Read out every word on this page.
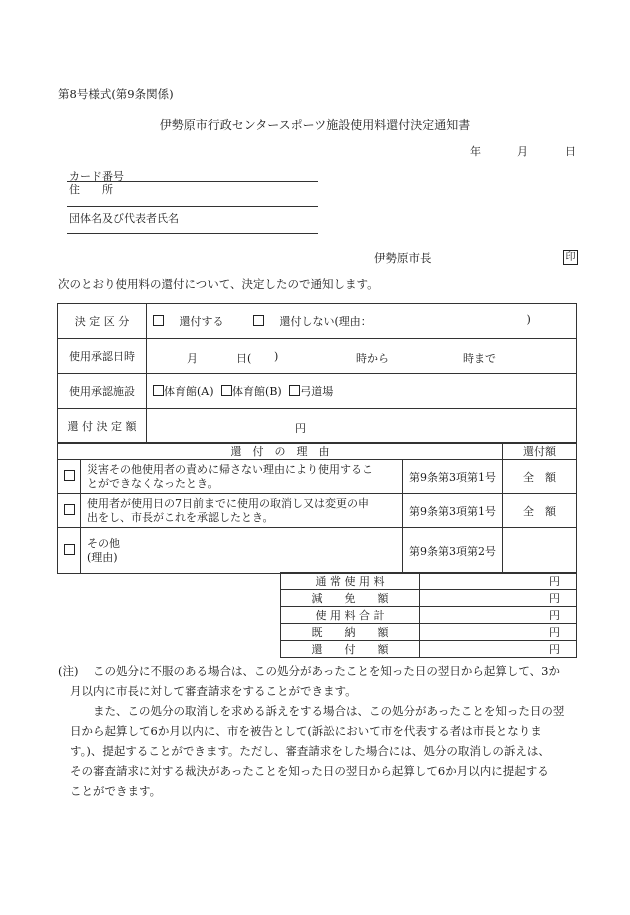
第8号様式(第9条関係)
伊勢原市行政センタースポーツ施設使用料還付決定通知書
年	月	日
カード番号
住　　所
団体名及び代表者氏名
伊勢原市長	印
次のとおり使用料の還付について、決定したので通知します。
決 定 区 分	還付する 還付しない(理由： )

使用承認日時	月 日( ) 時から 時まで

使用承認施設	体育館(A) 体育館(B) 弓道場
還 付 決 定 額	円
還　付　の　理　由			還付額

	災害その他使用者の責めに帰さない理由により使用するこ
とができなくなったとき。	第9条第3項第1号	全　額

	使用者が使用日の7日前までに使用の取消し又は変更の申
出をし、市長がこれを承認したとき。	第9条第3項第1号	全　額

	その他
(理由)	第9条第3項第2号	
通 常 使 用 料	円
減　　免　　額	円
使 用 料 合 計	円
既　　納　　額	円
還　　付　　額	円
(注) この処分に不服のある場合は、この処分があったことを知った日の翌日から起算して、3か
月以内に市長に対して審査請求をすることができます。
また、この処分の取消しを求める訴えをする場合は、この処分があったことを知った日の翌
日から起算して6か月以内に、市を被告として(訴訟において市を代表する者は市長となりま
す。)、提起することができます。ただし、審査請求をした場合には、処分の取消しの訴えは、
その審査請求に対する裁決があったことを知った日の翌日から起算して6か月以内に提起する
ことができます。
